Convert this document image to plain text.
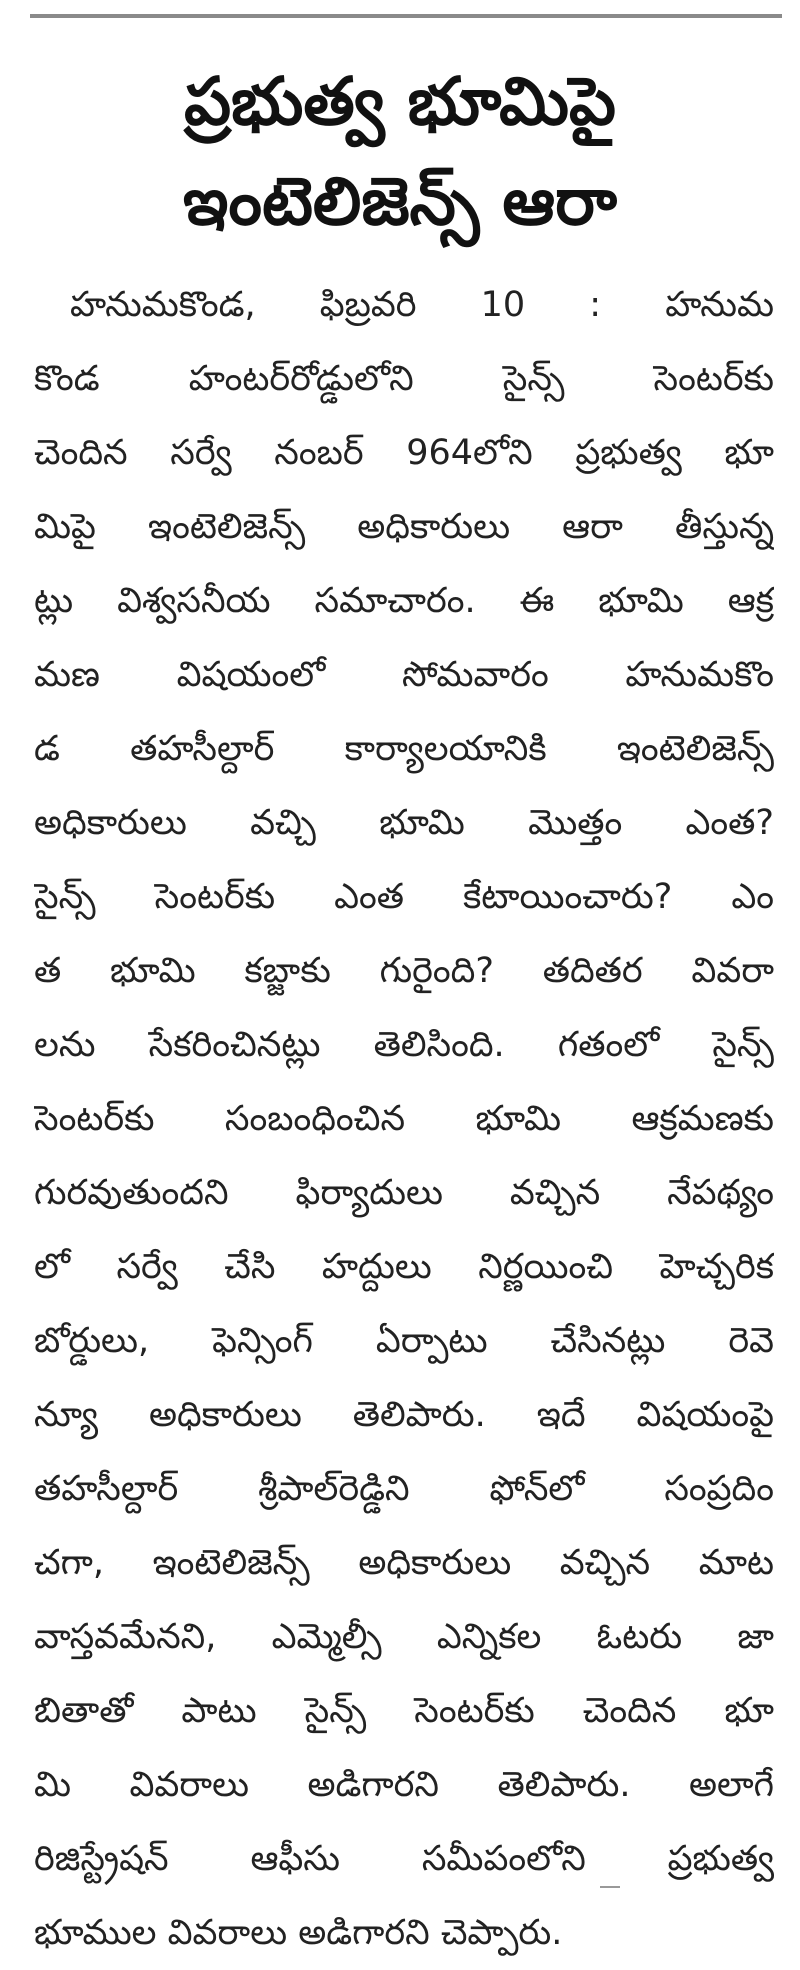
ప్రభుత్వ భూమిపై
ఇంటెలిజెన్స్ ఆరా
హనుమకొండ, ఫిబ్రవరి 10 : హనుమ
కొండ హంటర్‌రోడ్డులోని సైన్స్ సెంటర్‌కు
చెందిన సర్వే నంబర్ 964లోని ప్రభుత్వ భూ
మిపై ఇంటెలిజెన్స్ అధికారులు ఆరా తీస్తున్న
ట్లు విశ్వసనీయ సమాచారం. ఈ భూమి ఆక్ర
మణ విషయంలో సోమవారం హనుమకొం
డ తహసీల్దార్ కార్యాలయానికి ఇంటెలిజెన్స్
అధికారులు వచ్చి భూమి మొత్తం ఎంత?
సైన్స్ సెంటర్‌కు ఎంత కేటాయించారు? ఎం
త భూమి కబ్జాకు గురైంది? తదితర వివరా
లను సేకరించినట్లు తెలిసింది. గతంలో సైన్స్
సెంటర్‌కు సంబంధించిన భూమి ఆక్రమణకు
గురవుతుందని ఫిర్యాదులు వచ్చిన నేపథ్యం
లో సర్వే చేసి హద్దులు నిర్ణయించి హెచ్చరిక
బోర్డులు, ఫెన్సింగ్ ఏర్పాటు చేసినట్లు రెవె
న్యూ అధికారులు తెలిపారు. ఇదే విషయంపై
తహసీల్దార్ శ్రీపాల్‌రెడ్డిని ఫోన్‌లో సంప్రదిం
చగా, ఇంటెలిజెన్స్ అధికారులు వచ్చిన మాట
వాస్తవమేనని, ఎమ్మెల్సీ ఎన్నికల ఓటరు జా
బితాతో పాటు సైన్స్ సెంటర్‌కు చెందిన భూ
మి వివరాలు అడిగారని తెలిపారు. అలాగే
రిజిస్ట్రేషన్ ఆఫీసు సమీపంలోని ప్రభుత్వ
భూముల వివరాలు అడిగారని చెప్పారు.
